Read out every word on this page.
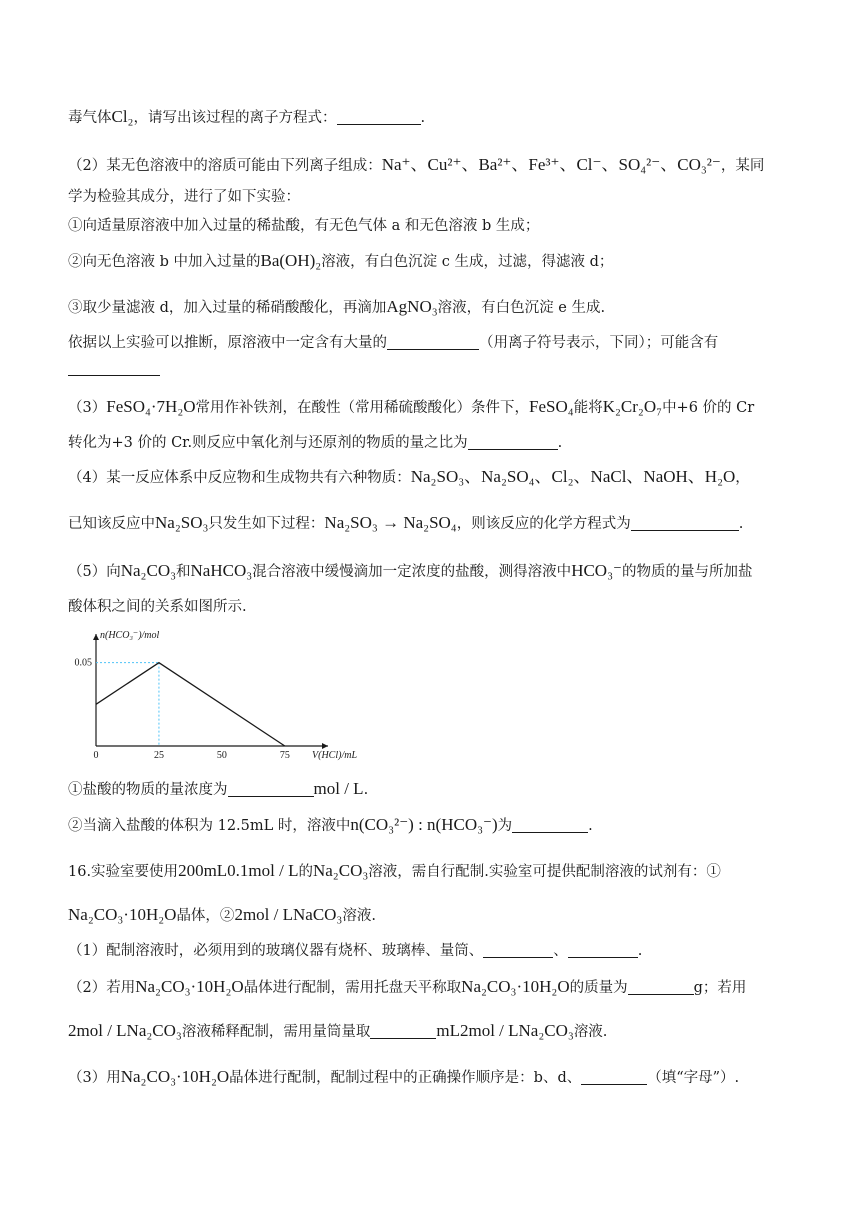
毒气体Cl₂，请写出该过程的离子方程式：	.
（2）某无色溶液中的溶质可能由下列离子组成：Na⁺、Cu²⁺、Ba²⁺、Fe³⁺、Cl⁻、SO₄²⁻、CO₃²⁻，某同
学为检验其成分，进行了如下实验：
①向适量原溶液中加入过量的稀盐酸，有无色气体 a 和无色溶液 b 生成；
②向无色溶液 b 中加入过量的Ba(OH)₂溶液，有白色沉淀 c 生成，过滤，得滤液 d；
③取少量滤液 d，加入过量的稀硝酸酸化，再滴加AgNO₃溶液，有白色沉淀 e 生成.
依据以上实验可以推断，原溶液中一定含有大量的	（用离子符号表示，下同）；可能含有
（3）FeSO₄·7H₂O常用作补铁剂，在酸性（常用稀硫酸酸化）条件下，FeSO₄能将K₂Cr₂O₇中+6 价的 Cr
转化为+3 价的 Cr.则反应中氧化剂与还原剂的物质的量之比为	.
（4）某一反应体系中反应物和生成物共有六种物质：Na₂SO₃、Na₂SO₄、Cl₂、NaCl、NaOH、H₂O，
已知该反应中Na₂SO₃只发生如下过程：Na₂SO₃ → Na₂SO₄，则该反应的化学方程式为	.
（5）向Na₂CO₃和NaHCO₃混合溶液中缓慢滴加一定浓度的盐酸，测得溶液中HCO₃⁻的物质的量与所加盐
酸体积之间的关系如图所示.
0	25	50	75
0.05
n(HCO₃⁻)/mol
V(HCl)/mL
①盐酸的物质的量浓度为	mol / L.
②当滴入盐酸的体积为 12.5mL 时，溶液中n(CO₃²⁻) : n(HCO₃⁻)为	.
16.实验室要使用200mL0.1mol / L的Na₂CO₃溶液，需自行配制.实验室可提供配制溶液的试剂有：①
Na₂CO₃·10H₂O晶体，②2mol / LNaCO₃溶液.
（1）配制溶液时，必须用到的玻璃仪器有烧杯、玻璃棒、量筒、	、	.
（2）若用Na₂CO₃·10H₂O晶体进行配制，需用托盘天平称取Na₂CO₃·10H₂O的质量为	g；若用
2mol / LNa₂CO₃溶液稀释配制，需用量筒量取	mL2mol / LNa₂CO₃溶液.
（3）用Na₂CO₃·10H₂O晶体进行配制，配制过程中的正确操作顺序是：b、d、	（填“字母”）.
